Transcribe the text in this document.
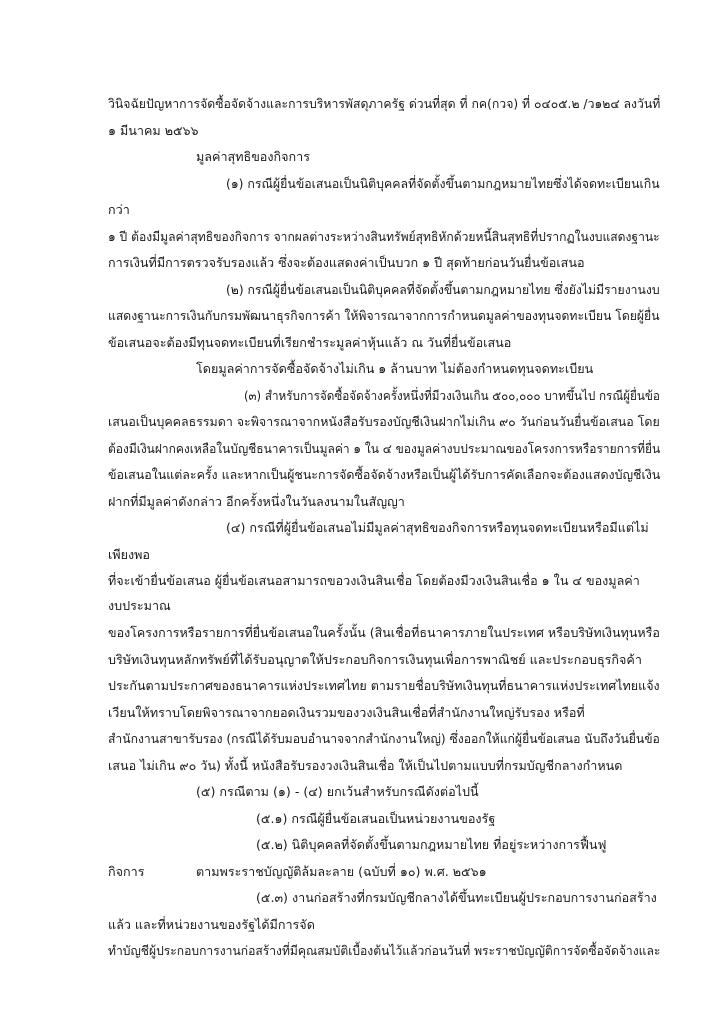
วินิจฉัยปัญหาการจัดซื้อจัดจ้างและการบริหารพัสดุภาครัฐ ด่วนที่สุด ที่ กค(กวจ) ที่ ๐๔๐๕.๒ /ว๑๒๔ ลงวันที่
๑ มีนาคม ๒๕๖๖
มูลค่าสุทธิของกิจการ
(๑) กรณีผู้ยื่นข้อเสนอเป็นนิติบุคคลที่จัดตั้งขึ้นตามกฎหมายไทยซึ่งได้จดทะเบียนเกิน
กว่า
๑ ปี ต้องมีมูลค่าสุทธิของกิจการ จากผลต่างระหว่างสินทรัพย์สุทธิหักด้วยหนี้สินสุทธิที่ปรากฏในงบแสดงฐานะ
การเงินที่มีการตรวจรับรองแล้ว ซึ่งจะต้องแสดงค่าเป็นบวก ๑ ปี สุดท้ายก่อนวันยื่นข้อเสนอ
(๒) กรณีผู้ยื่นข้อเสนอเป็นนิติบุคคลที่จัดตั้งขึ้นตามกฎหมายไทย ซึ่งยังไม่มีรายงานงบ
แสดงฐานะการเงินกับกรมพัฒนาธุรกิจการค้า ให้พิจารณาจากการกำหนดมูลค่าของทุนจดทะเบียน โดยผู้ยื่น
ข้อเสนอจะต้องมีทุนจดทะเบียนที่เรียกชำระมูลค่าหุ้นแล้ว ณ วันที่ยื่นข้อเสนอ
โดยมูลค่าการจัดซื้อจัดจ้างไม่เกิน ๑ ล้านบาท ไม่ต้องกำหนดทุนจดทะเบียน
(๓) สำหรับการจัดซื้อจัดจ้างครั้งหนึ่งที่มีวงเงินเกิน ๕๐๐,๐๐๐ บาทขึ้นไป กรณีผู้ยื่นข้อ
เสนอเป็นบุคคลธรรมดา จะพิจารณาจากหนังสือรับรองบัญชีเงินฝากไม่เกิน ๙๐ วันก่อนวันยื่นข้อเสนอ โดย
ต้องมีเงินฝากคงเหลือในบัญชีธนาคารเป็นมูลค่า ๑ ใน ๔ ของมูลค่างบประมาณของโครงการหรือรายการที่ยื่น
ข้อเสนอในแต่ละครั้ง และหากเป็นผู้ชนะการจัดซื้อจัดจ้างหรือเป็นผู้ได้รับการคัดเลือกจะต้องแสดงบัญชีเงิน
ฝากที่มีมูลค่าดังกล่าว อีกครั้งหนึ่งในวันลงนามในสัญญา
(๔) กรณีที่ผู้ยื่นข้อเสนอไม่มีมูลค่าสุทธิของกิจการหรือทุนจดทะเบียนหรือมีแต่ไม่
เพียงพอ
ที่จะเข้ายื่นข้อเสนอ ผู้ยื่นข้อเสนอสามารถขอวงเงินสินเชื่อ โดยต้องมีวงเงินสินเชื่อ ๑ ใน ๔ ของมูลค่า
งบประมาณ
ของโครงการหรือรายการที่ยื่นข้อเสนอในครั้งนั้น (สินเชื่อที่ธนาคารภายในประเทศ หรือบริษัทเงินทุนหรือ
บริษัทเงินทุนหลักทรัพย์ที่ได้รับอนุญาตให้ประกอบกิจการเงินทุนเพื่อการพาณิชย์ และประกอบธุรกิจค้า
ประกันตามประกาศของธนาคารแห่งประเทศไทย ตามรายชื่อบริษัทเงินทุนที่ธนาคารแห่งประเทศไทยแจ้ง
เวียนให้ทราบโดยพิจารณาจากยอดเงินรวมของวงเงินสินเชื่อที่สำนักงานใหญ่รับรอง หรือที่
สำนักงานสาขารับรอง (กรณีได้รับมอบอำนาจจากสำนักงานใหญ่) ซึ่งออกให้แก่ผู้ยื่นข้อเสนอ นับถึงวันยื่นข้อ
เสนอ ไม่เกิน ๙๐ วัน) ทั้งนี้ หนังสือรับรองวงเงินสินเชื่อ ให้เป็นไปตามแบบที่กรมบัญชีกลางกำหนด
(๕) กรณีตาม (๑) - (๔) ยกเว้นสำหรับกรณีดังต่อไปนี้
(๕.๑) กรณีผู้ยื่นข้อเสนอเป็นหน่วยงานของรัฐ
(๕.๒) นิติบุคคลที่จัดตั้งขึ้นตามกฎหมายไทย ที่อยู่ระหว่างการฟื้นฟู
กิจการ	ตามพระราชบัญญัติล้มละลาย (ฉบับที่ ๑๐) พ.ศ. ๒๕๖๑
(๕.๓) งานก่อสร้างที่กรมบัญชีกลางได้ขึ้นทะเบียนผู้ประกอบการงานก่อสร้าง
แล้ว และที่หน่วยงานของรัฐได้มีการจัด
ทำบัญชีผู้ประกอบการงานก่อสร้างที่มีคุณสมบัติเบื้องต้นไว้แล้วก่อนวันที่ พระราชบัญญัติการจัดซื้อจัดจ้างและ
